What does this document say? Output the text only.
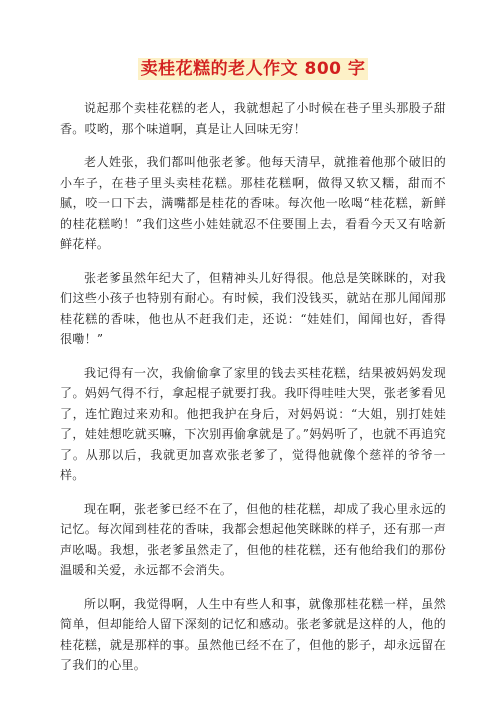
卖桂花糕的老人作文 800 字

说起那个卖桂花糕的老人，我就想起了小时候在巷子里头那股子甜香。哎哟，那个味道啊，真是让人回味无穷！

老人姓张，我们都叫他张老爹。他每天清早，就推着他那个破旧的小车子，在巷子里头卖桂花糕。那桂花糕啊，做得又软又糯，甜而不腻，咬一口下去，满嘴都是桂花的香味。每次他一吆喝“桂花糕，新鲜的桂花糕哟！”我们这些小娃娃就忍不住要围上去，看看今天又有啥新鲜花样。

张老爹虽然年纪大了，但精神头儿好得很。他总是笑眯眯的，对我们这些小孩子也特别有耐心。有时候，我们没钱买，就站在那儿闻闻那桂花糕的香味，他也从不赶我们走，还说：“娃娃们，闻闻也好，香得很嘞！”

我记得有一次，我偷偷拿了家里的钱去买桂花糕，结果被妈妈发现了。妈妈气得不行，拿起棍子就要打我。我吓得哇哇大哭，张老爹看见了，连忙跑过来劝和。他把我护在身后，对妈妈说：“大姐，别打娃娃了，娃娃想吃就买嘛，下次别再偷拿就是了。”妈妈听了，也就不再追究了。从那以后，我就更加喜欢张老爹了，觉得他就像个慈祥的爷爷一样。

现在啊，张老爹已经不在了，但他的桂花糕，却成了我心里永远的记忆。每次闻到桂花的香味，我都会想起他笑眯眯的样子，还有那一声声吆喝。我想，张老爹虽然走了，但他的桂花糕，还有他给我们的那份温暖和关爱，永远都不会消失。

所以啊，我觉得啊，人生中有些人和事，就像那桂花糕一样，虽然简单，但却能给人留下深刻的记忆和感动。张老爹就是这样的人，他的桂花糕，就是那样的事。虽然他已经不在了，但他的影子，却永远留在了我们的心里。
